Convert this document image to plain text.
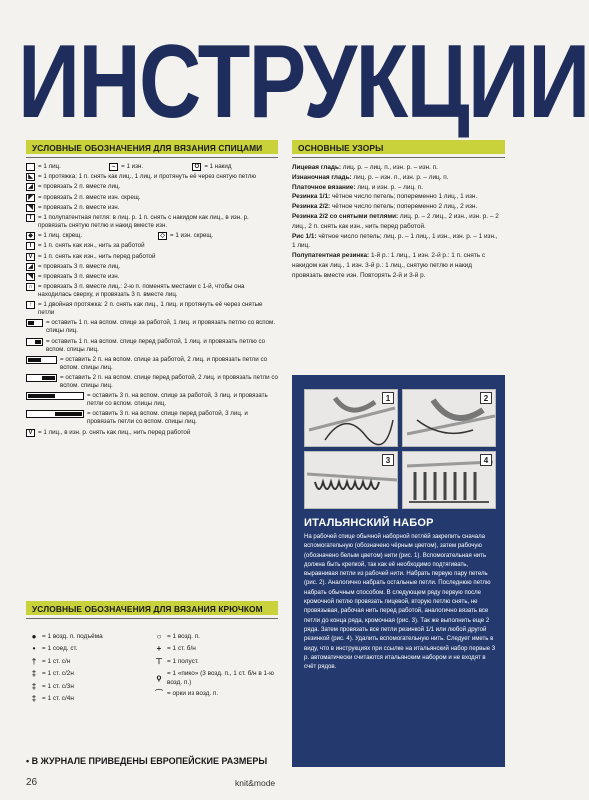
ИНСТРУКЦИИ
УСЛОВНЫЕ ОБОЗНАЧЕНИЯ ДЛЯ ВЯЗАНИЯ СПИЦАМИ	ОСНОВНЫЕ УЗОРЫ
= 1 лиц.	– = 1 изн.	O = 1 накид
◣ = 1 протяжка: 1 п. снять как лиц., 1 лиц. и протянуть её через снятую петлю
◢ = провязать 2 п. вместе лиц.
◤ = провязать 2 п. вместе изн. скрещ.
◥ = провязать 2 п. вместе изн.
T = 1 полупатентная петля: в лиц. р. 1 п. снять с накидом как лиц., в изн. р. провязать снятую петлю и накид вместе изн.
◆ = 1 лиц. скрещ.	◇ = 1 изн. скрещ.
I	= 1 п. снять как изн., нить за работой
V = 1 п. снять как изн., нить перед работой
◢ = провязать 3 п. вместе лиц.
◥ = провязать 3 п. вместе изн.
∩ = провязать 3 п. вместе лиц.: 2-ю п. поменять местами с 1-й, чтобы она находилась сверху, и провязать 3 п. вместе лиц.
↑ = 1 двойная протяжка: 2 п. снять как лиц., 1 лиц. и протянуть её через снятые петли
= оставить 1 п. на вспом. спице за работой, 1 лиц. и провязать петлю со вспом. спицы лиц.
= оставить 1 п. на вспом. спице перед работой, 1 лиц. и провязать петлю со вспом. спицы лиц.
= оставить 2 п. на вспом. спице за работой, 2 лиц. и провязать петли со вспом. спицы лиц.
= оставить 2 п. на вспом. спице перед работой, 2 лиц. и провязать петли со вспом. спицы лиц.
= оставить 3 п. на вспом. спице за работой, 3 лиц. и провязать петли со вспом. спицы лиц.
= оставить 3 п. на вспом. спице перед работой, 3 лиц. и провязать петли со вспом. спицы лиц.
V = 1 лиц., в изн. р. снять как лиц., нить перед работой

Лицевая гладь: лиц. р. – лиц. п., изн. р. – изн. п.

Изнаночная гладь: лиц. р. – изн. п., изн. р. – лиц. п.

Платочное вязание: лиц. и изн. р. – лиц. п.

Резинка 1/1: чётное число петель; попеременно 1 лиц., 1 изн.

Резинка 2/2: чётное число петель; попеременно 2 лиц., 2 изн.

Резинка 2/2 со снятыми петлями: лиц. р. – 2 лиц., 2 изн., изн. р. – 2 лиц., 2 п. снять как изн., нить перед работой.

Рис 1/1: чётное число петель; лиц. р. – 1 лиц., 1 изн., изн. р. – 1 изн., 1 лиц.

Полупатентная резинка: 1-й р.: 1 лиц., 1 изн. 2-й р.: 1 п. снять с накидом как лиц., 1 изн. 3-й р.: 1 лиц., снятую петлю и накид провязать вместе изн. Повторять 2-й и 3-й р.

1	2
3	4
ИТАЛЬЯНСКИЙ НАБОР
На рабочей спице обычной наборной петлёй закрепить сначала вспомогательную (обозначено чёрным цветом), затем рабочую (обозначено белым цветом) нити (рис. 1). Вспомогательная нить должна быть крепкой, так как её необходимо подтягивать, выравнивая петли из рабочей нити. Набрать первую пару петель (рис. 2). Аналогично набрать остальные петли. Последнюю петлю набрать обычным способом. В следующем ряду первую после кромочной петлю провязать лицевой, вторую петлю снять, не провязывая, рабочая нить перед работой, аналогично вязать все петли до конца ряда, кромочная (рис. 3). Так же выполнить еще 2 ряда. Затем провязать все петли резинкой 1/1 или любой другой резинкой (рис. 4). Удалить вспомогательную нить. Следует иметь в виду, что в инструкциях при ссылке на итальянский набор первые 3 р. автоматически считаются итальянским набором и не входят в счёт рядов.
УСЛОВНЫЕ ОБОЗНАЧЕНИЯ ДЛЯ ВЯЗАНИЯ КРЮЧКОМ
● = 1 возд. п. подъёма
•	= 1 соед. ст.
† = 1 ст. с/н
‡ = 1 ст. с/2н
‡ = 1 ст. с/3н
‡ = 1 ст. с/4н
○ = 1 возд. п.
+ = 1 ст. б/н
⊤ = 1 полуст.
ϙ = 1 «пико» (3 возд. п., 1 ст. б/н в 1-ю возд. п.)
⌒ = орки из возд. п.
• В ЖУРНАЛЕ ПРИВЕДЕНЫ ЕВРОПЕЙСКИЕ РАЗМЕРЫ
26	knit&mode
